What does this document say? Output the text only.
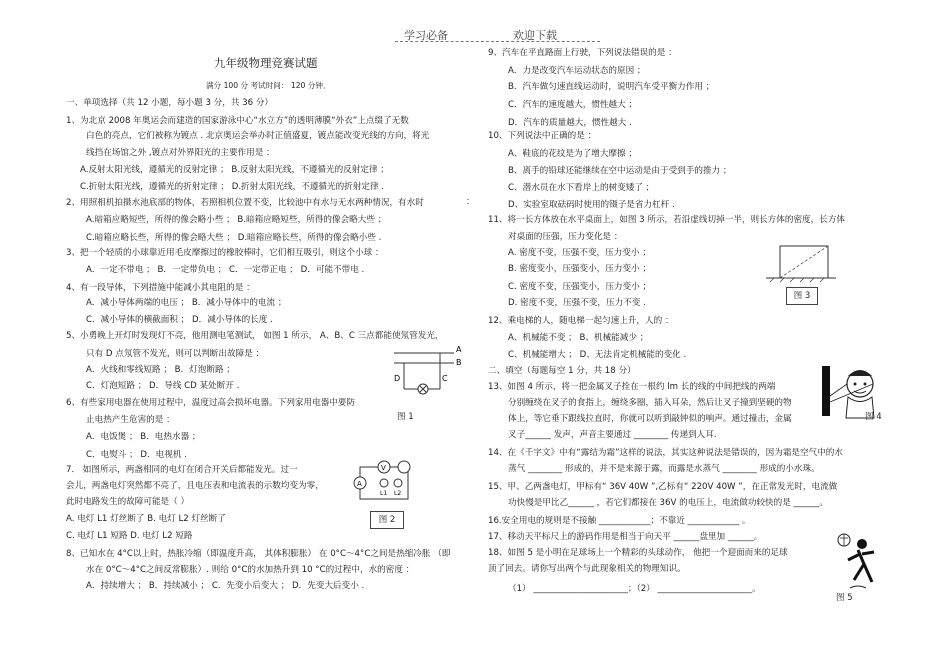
学习必备	欢迎下载
九年级物理竞赛试题
满分 100 分 考试时间： 120 分钟．
一、单项选择（共 12 小题，每小题 3 分，共 36 分）
1、为北京 2008 年奥运会而建造的国家游泳中心“水立方”的透明薄膜“外衣”上点缀了无数
白色的亮点，它们被称为镀点 . 北京奥运会举办时正值盛夏，镀点能改变光线的方向，将光
线挡在场馆之外 ,镀点对外界阳光的主要作用是 ：
C.折射太阳光线，遵循光的折射定律 ； D.折射太阳光线，不遵循光的折射定律 .
2、用照相机拍摄水池底部的物体，若照相机位置不变，比较池中有水与无水两种情况，有水时
A.暗箱应略短些，所得的像会略小些 ； B.暗箱应略短些，所得的像会略大些 ；
C.暗箱应略长些，所得的像会略大些 ； D.暗箱应略长些，所得的像会略小些 .
3、把一个轻质的小球靠近用毛皮摩擦过的橡胶棒时，它们相互吸引，则这个小球 ：
A．一定不带电 ； B．一定带负电 ； C．一定带正电 ； D．可能不带电 .
4、有一段导体，下列措施中能减小其电阻的是 ：
A．减小导体两端的电压 ； B．减小导体中的电流 ；
C．减小导体的横截面积 ； D．减小导体的长度 .
5、小勇晚上开灯时发现灯不亮，他用测电笔测试， 如图 1 所示， A、B、C 三点都能使氖管发光，
只有 D 点氖管不发光，则可以判断出故障是 ：
A．火线和零线短路 ； B．灯泡断路 ；
C．灯泡短路 ； D．导线 CD 某处断开 .
6、有些家用电器在使用过程中，温度过高会损坏电器。下列家用电器中要防
止电热产生危害的是 ：
A．电饭煲 ； B．电热水器 ；
C．电熨斗 ； D．电视机 .
7． 如图所示，两盏相同的电灯在闭合开关后都能发光。过一
会儿，两盏电灯突然都不亮了，且电压表和电流表的示数均变为零，
此时电路发生的故障可能是（ ）
A. 电灯 L1 灯丝断了 B. 电灯 L2 灯丝断了
C. 电灯 L1 短路 D. 电灯 L2 短路
8、已知水在 4°C以上时，热胀冷缩（即温度升高， 其体积膨胀） 在 0°C～4°C之间是热缩冷胀 （即
水在 0°C～4°C之间反常膨胀）. 则给 0°C的水加热升到 10 °C的过程中，水的密度 ：
A．持续增大 ； B．持续减小 ； C．先变小后变大 ； D．先变大后变小 .
A.反射太阳光线，遵循光的反射定律 ； B.反射太阳光线，不遵循光的反射定律 ；
：
9、汽车在平直路面上行驶，下列说法错误的是 ：
A．力是改变汽车运动状态的原因 ；
B．汽车做匀速直线运动时，说明汽车受平衡力作用 ；
C．汽车的速度越大，惯性越大 ；
D．汽车的质量越大，惯性越大 .
10、下列说法中正确的是 ：
A、鞋底的花纹是为了增大摩擦 ；
B、离手的铅球还能继续在空中运动是由于受到手的推力 ；
C、潜水员在水下看岸上的树变矮了 ；
D、实验室取砝码时使用的镊子是省力杠杆 .
11、将一长方体放在水平桌面上，如图 3 所示，若沿虚线切掉一半，则长方体的密度，长方体
对桌面的压强，压力变化是 ：
A. 密度不变，压强不变，压力变小 ；
B. 密度变小，压强变小，压力变小 ；
C. 密度不变，压强变小，压力变小 ；
D. 密度不变，压强不变，压力不变 .
12、乘电梯的人，随电梯一起匀速上升，人的 ：
A、机械能不变 ； B、机械能减少 ；
C、机械能增大 ； D、无法肯定机械能的变化 .
二、填空（每题每空 1 分，共 18 分）
13、如图 4 所示，将一把金属叉子拴在一根约 lm 长的线的中间把线的两端
分别缠绕在叉子的食指上，缠绕多圈，插入耳朵，然后让叉子撞到坚硬的物
体上，等它垂下跟线拉直时，你就可以听到敲钟似的响声。通过撞击，金属
叉子______ 发声，声音主要通过 ________ 传递到人耳.
14、在《千字文》中有“露结为霜”这样的说法，其实这种说法是错误的，因为霜是空气中的水
蒸气 ________ 形成的，并不是来源于露，而露是水蒸气 ________ 形成的小水珠。
15、甲、乙两盏电灯，甲标有“ 36V 40W ”,乙标有“ 220V 40W ”，在正常发光时，电流做
功快慢是甲比乙______ ，若它们都接在 36V 的电压上，电流做功较快的是 ______。
16.安全用电的规则是不接触 ____________；不靠近 ____________ 。
17、移动天平标尺上的游码作用是相当于向天平 ______盘里加 ______。
18、如图 5 是小明在足球场上一个精彩的头球动作， 他把一个迎面而来的足球
顶了回去。请你写出两个与此现象相关的物理知识。
（1） ______________________；（2） ______________________。
A
B
C
D
图 1
A
V
L1 L2
图 2
图 3
图 4
图 5
